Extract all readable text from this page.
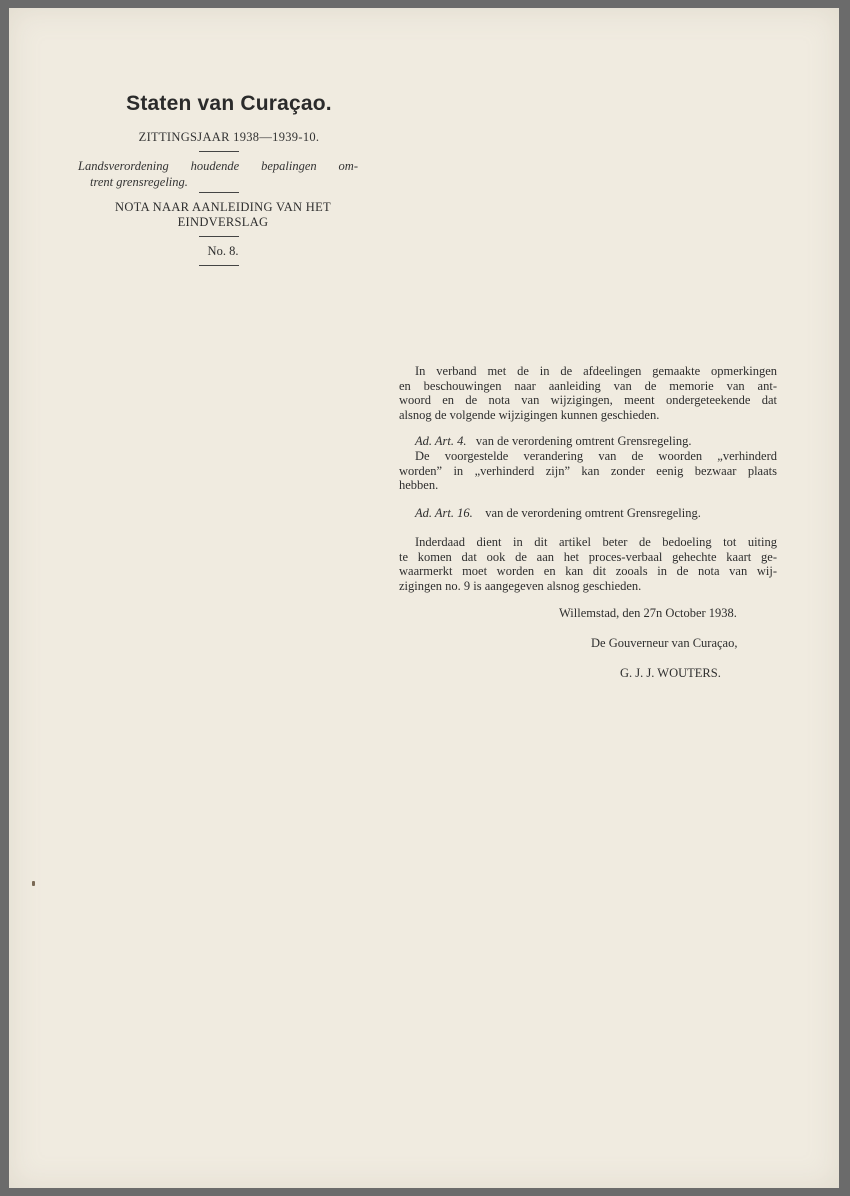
Staten van Curaçao.
ZITTINGSJAAR 1938—1939-10.
Landsverordening houdende bepalingen om-
trent grensregeling.
NOTA NAAR AANLEIDING VAN HET
EINDVERSLAG
No. 8.
In verband met de in de afdeelingen gemaakte opmerkingen
en beschouwingen naar aanleiding van de memorie van ant-
woord en de nota van wijzigingen, meent ondergeteekende dat
alsnog de volgende wijzigingen kunnen geschieden.
Ad. Art. 4. van de verordening omtrent Grensregeling.
De voorgestelde verandering van de woorden „verhinderd
worden” in „verhinderd zijn” kan zonder eenig bezwaar plaats
hebben.
Ad. Art. 16. van de verordening omtrent Grensregeling.
Inderdaad dient in dit artikel beter de bedoeling tot uiting
te komen dat ook de aan het proces-verbaal gehechte kaart ge-
waarmerkt moet worden en kan dit zooals in de nota van wij-
zigingen no. 9 is aangegeven alsnog geschieden.
Willemstad, den 27n October 1938.
De Gouverneur van Curaçao,
G. J. J. WOUTERS.
